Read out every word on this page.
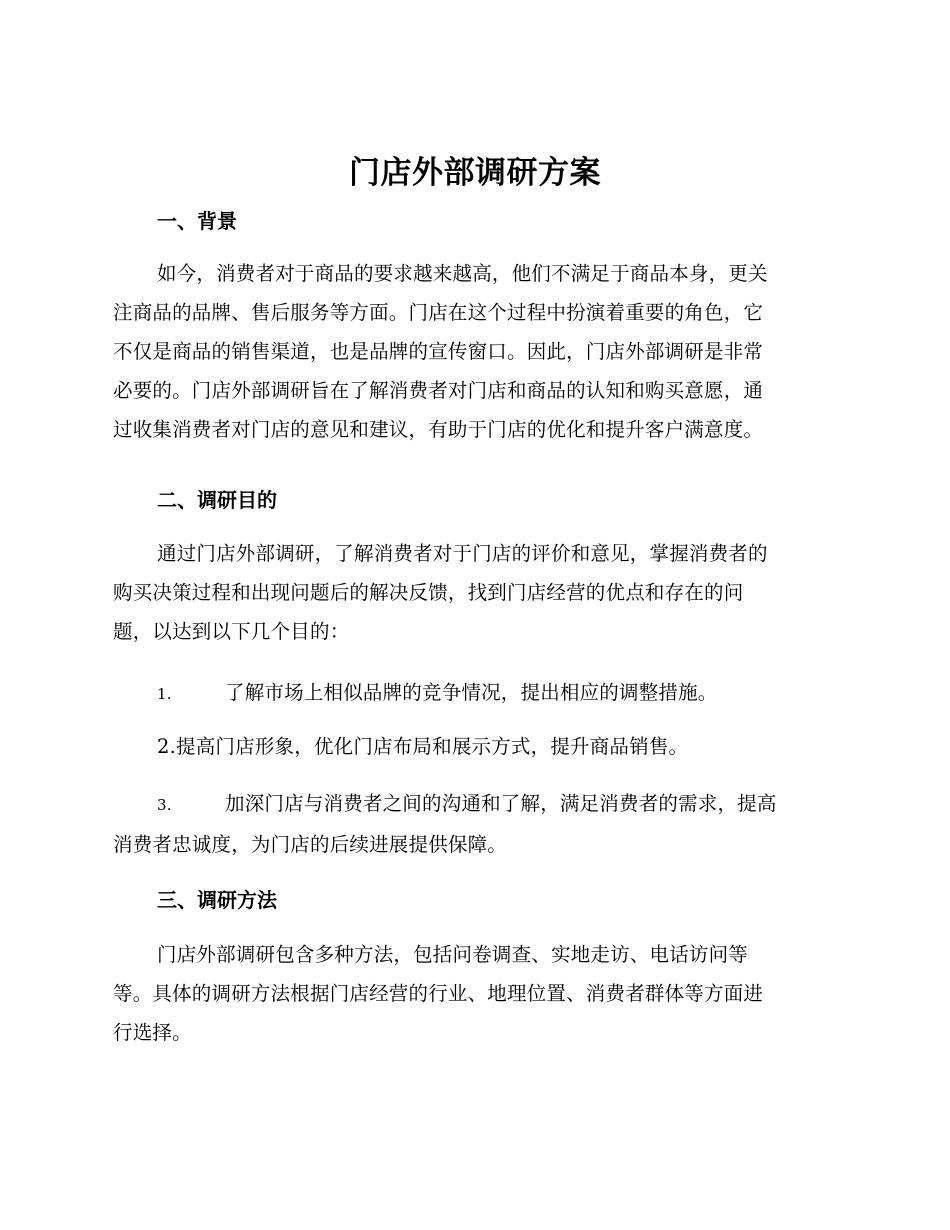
门店外部调研方案
一、背景
如今，消费者对于商品的要求越来越高，他们不满足于商品本身，更关
注商品的品牌、售后服务等方面。门店在这个过程中扮演着重要的角色，它
不仅是商品的销售渠道，也是品牌的宣传窗口。因此，门店外部调研是非常
必要的。门店外部调研旨在了解消费者对门店和商品的认知和购买意愿，通
过收集消费者对门店的意见和建议，有助于门店的优化和提升客户满意度。
二、调研目的
通过门店外部调研，了解消费者对于门店的评价和意见，掌握消费者的
购买决策过程和出现问题后的解决反馈，找到门店经营的优点和存在的问
题，以达到以下几个目的：
1.	了解市场上相似品牌的竞争情况，提出相应的调整措施。
2.提高门店形象，优化门店布局和展示方式，提升商品销售。
3.	加深门店与消费者之间的沟通和了解，满足消费者的需求，提高
消费者忠诚度，为门店的后续进展提供保障。
三、调研方法
门店外部调研包含多种方法，包括问卷调查、实地走访、电话访问等
等。具体的调研方法根据门店经营的行业、地理位置、消费者群体等方面进
行选择。
